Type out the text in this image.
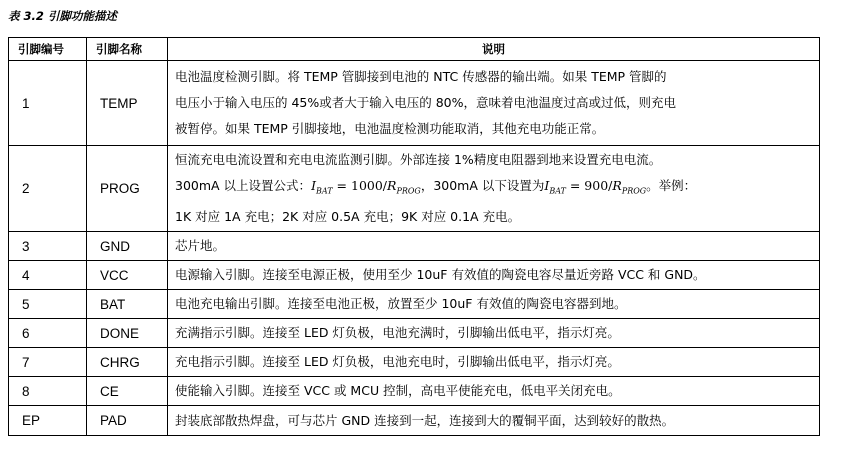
表 3.2 引脚功能描述
引脚编号	引脚名称	说明
1	TEMP	电池温度检测引脚。将 TEMP 管脚接到电池的 NTC 传感器的输出端。如果 TEMP 管脚的
电压小于输入电压的 45%或者大于输入电压的 80%，意味着电池温度过高或过低，则充电
被暂停。如果 TEMP 引脚接地，电池温度检测功能取消，其他充电功能正常。

2	PROG	恒流充电电流设置和充电电流监测引脚。外部连接 1%精度电阻器到地来设置充电电流。
300mA 以上设置公式：$I_{BAT} = 1000/R_{PROG}$，300mA 以下设置为$I_{BAT} = 900/R_{PROG}$。举例：
1K 对应 1A 充电；2K 对应 0.5A 充电；9K 对应 0.1A 充电。

3	GND	芯片地。
4	VCC	电源输入引脚。连接至电源正极，使用至少 10uF 有效值的陶瓷电容尽量近旁路 VCC 和 GND。
5	BAT	电池充电输出引脚。连接至电池正极，放置至少 10uF 有效值的陶瓷电容器到地。
6	DONE	充满指示引脚。连接至 LED 灯负极，电池充满时，引脚输出低电平，指示灯亮。
7	CHRG	充电指示引脚。连接至 LED 灯负极，电池充电时，引脚输出低电平，指示灯亮。
8	CE	使能输入引脚。连接至 VCC 或 MCU 控制，高电平使能充电，低电平关闭充电。
EP	PAD	封装底部散热焊盘，可与芯片 GND 连接到一起，连接到大的覆铜平面，达到较好的散热。
